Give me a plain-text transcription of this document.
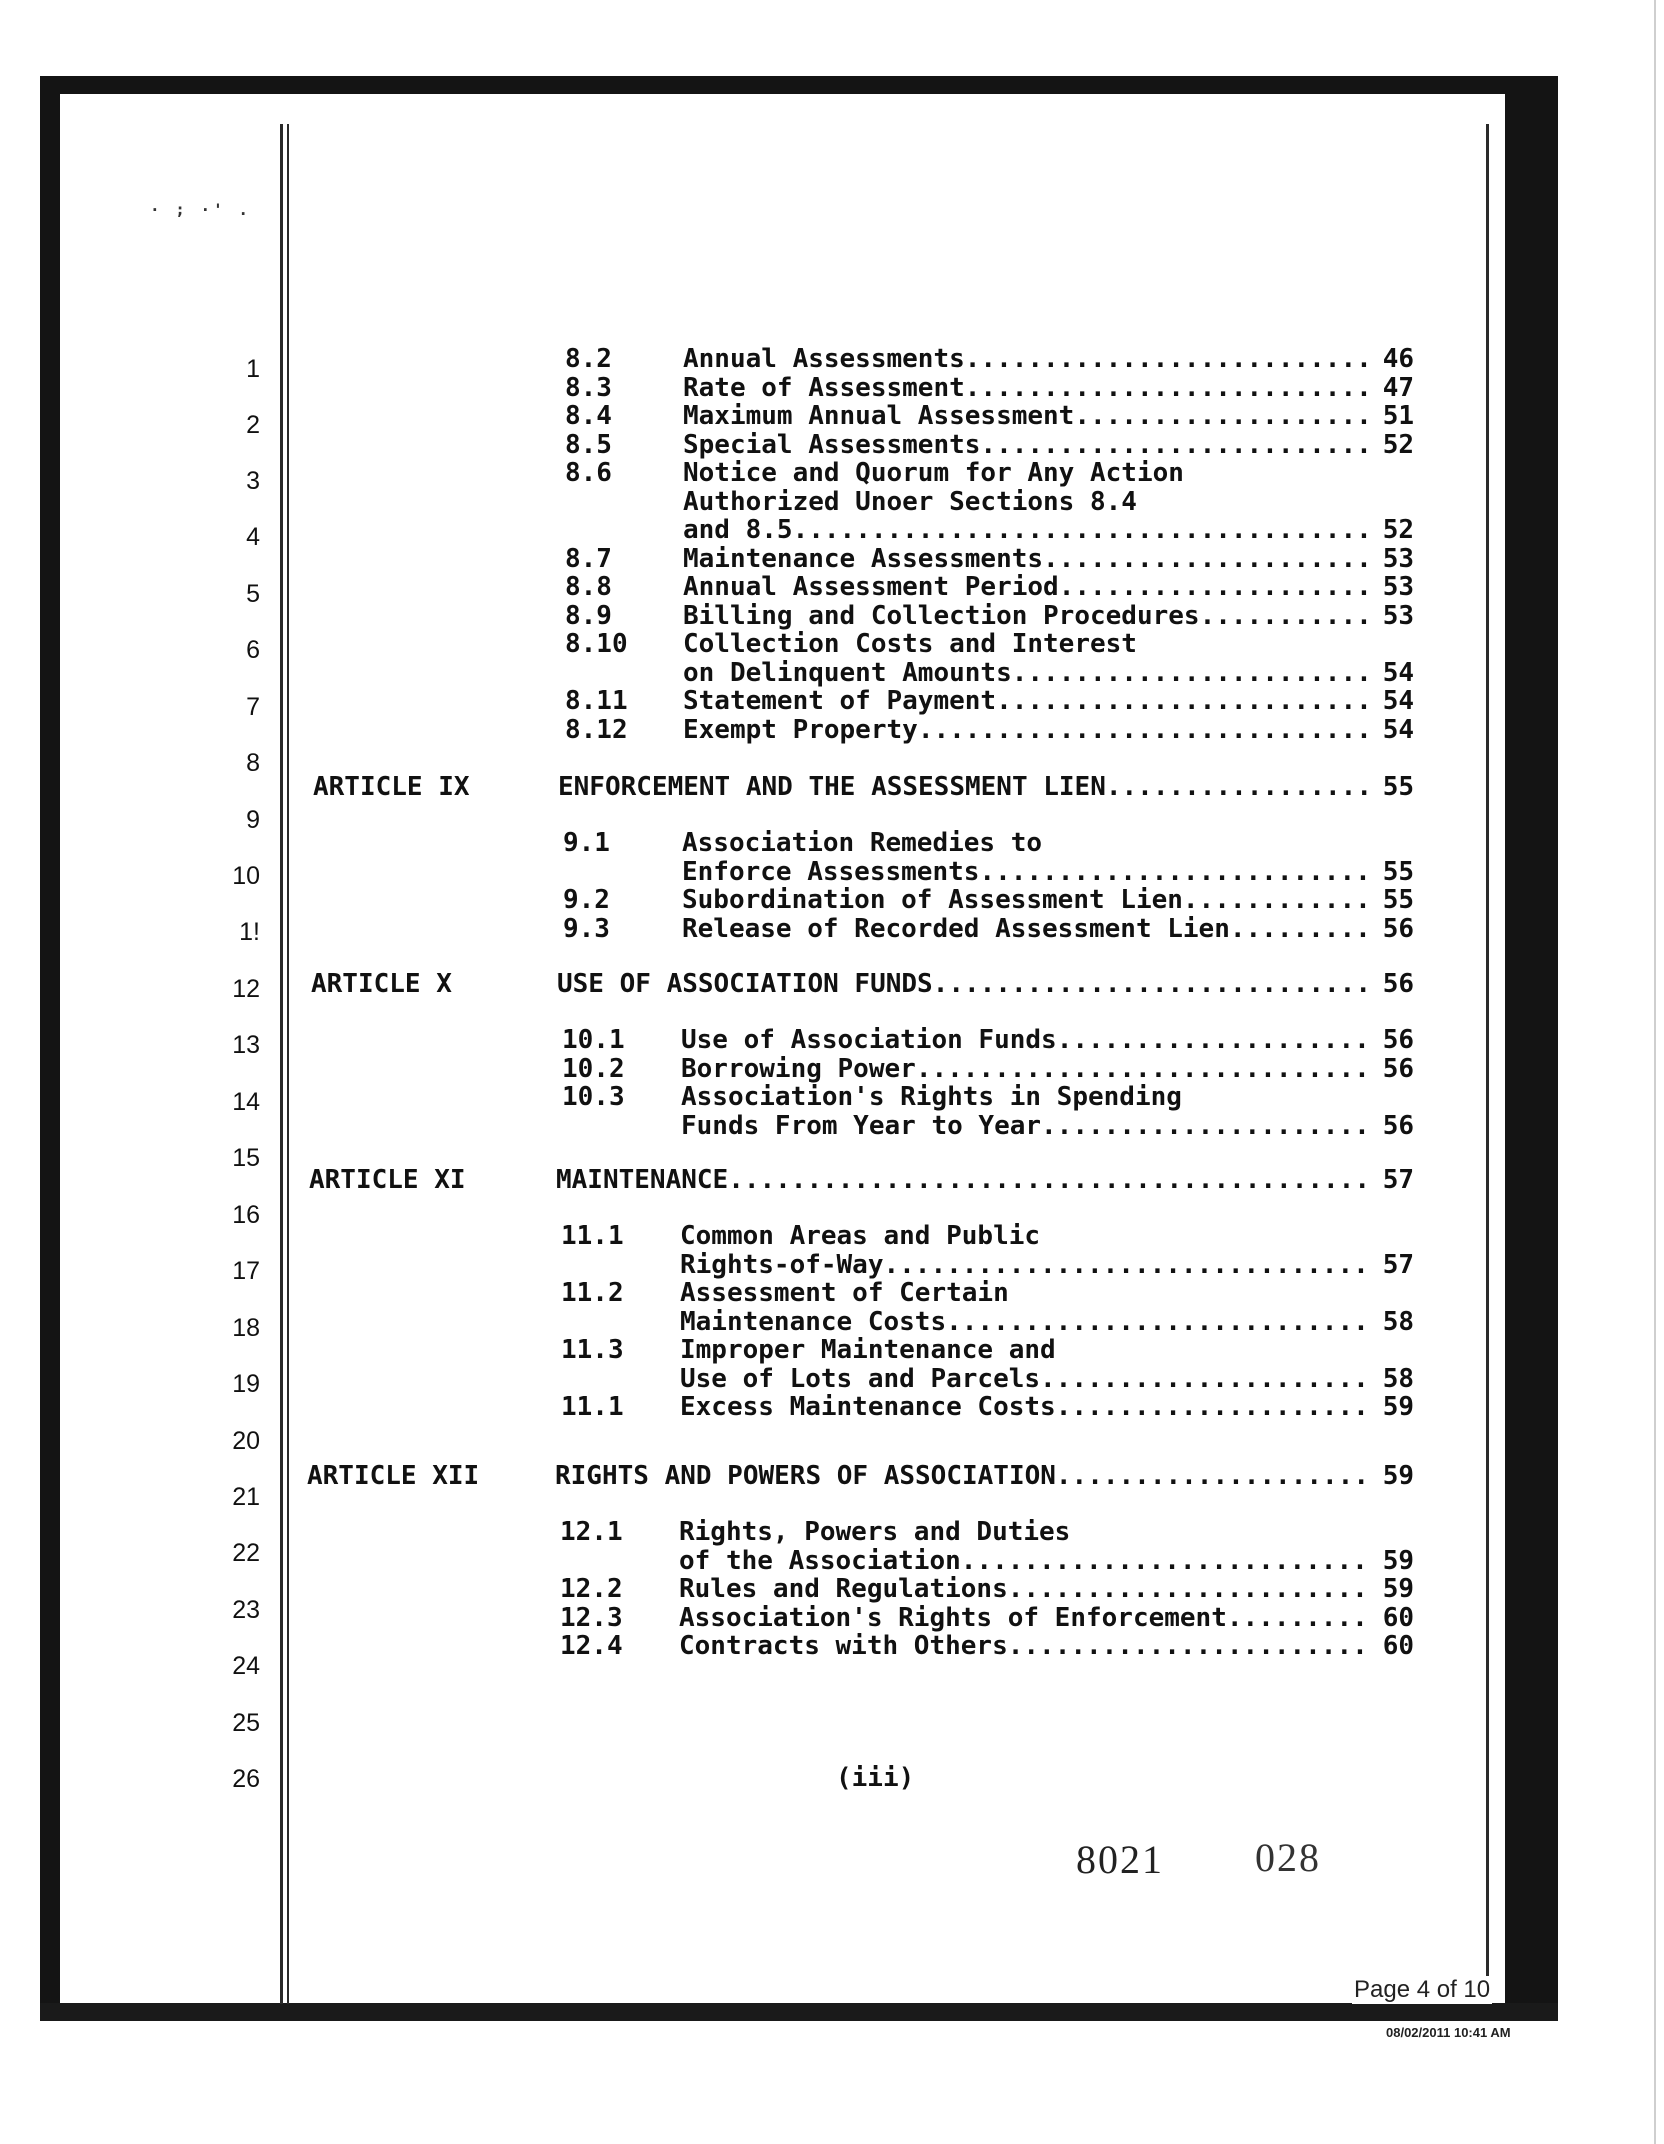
· ; ·' .
1
2
3
4
5
6
7
8
9
10
1!
12
13
14
15
16
17
18
19
20
21
22
23
24
25
26
8.2	Annual Assessments .....	46
8.3	Rate of Assessment .....	47
8.4	Maximum Annual Assessment .....	51
8.5	Special Assessments .....	52
8.6	Notice and Quorum for Any Action
Authorized Unoer Sections 8.4
and 8.5 .....	52
8.7	Maintenance Assessments .....	53
8.8	Annual Assessment Period .....	53
8.9	Billing and Collection Procedures .....	53
8.10 Collection Costs and Interest
on Delinquent Amounts .....	54
8.11 Statement of Payment .....	54
8.12 Exempt Property .....	54
ARTICLE IX	ENFORCEMENT AND THE ASSESSMENT LIEN .....	55
9.1	Association Remedies to
Enforce Assessments .....	55
9.2	Subordination of Assessment Lien .....	55
9.3	Release of Recorded Assessment Lien .....	56
ARTICLE X	USE OF ASSOCIATION FUNDS .....	56
10.1 Use of Association Funds .....	56
10.2 Borrowing Power .....	56
10.3 Association's Rights in Spending
Funds From Year to Year .....	56
ARTICLE XI	MAINTENANCE .....	57
11.1 Common Areas and Public
Rights-of-Way .....	57
11.2 Assessment of Certain
Maintenance Costs .....	58
11.3 Improper Maintenance and
Use of Lots and Parcels .....	58
11.1 Excess Maintenance Costs .....	59
ARTICLE XII	RIGHTS AND POWERS OF ASSOCIATION .....	59
12.1 Rights, Powers and Duties
of the Association .....	59
12.2 Rules and Regulations .....	59
12.3 Association's Rights of Enforcement .....	60
12.4 Contracts with Others .....	60
(iii)
8021 028
Page 4 of 10
08/02/2011 10:41 AM
